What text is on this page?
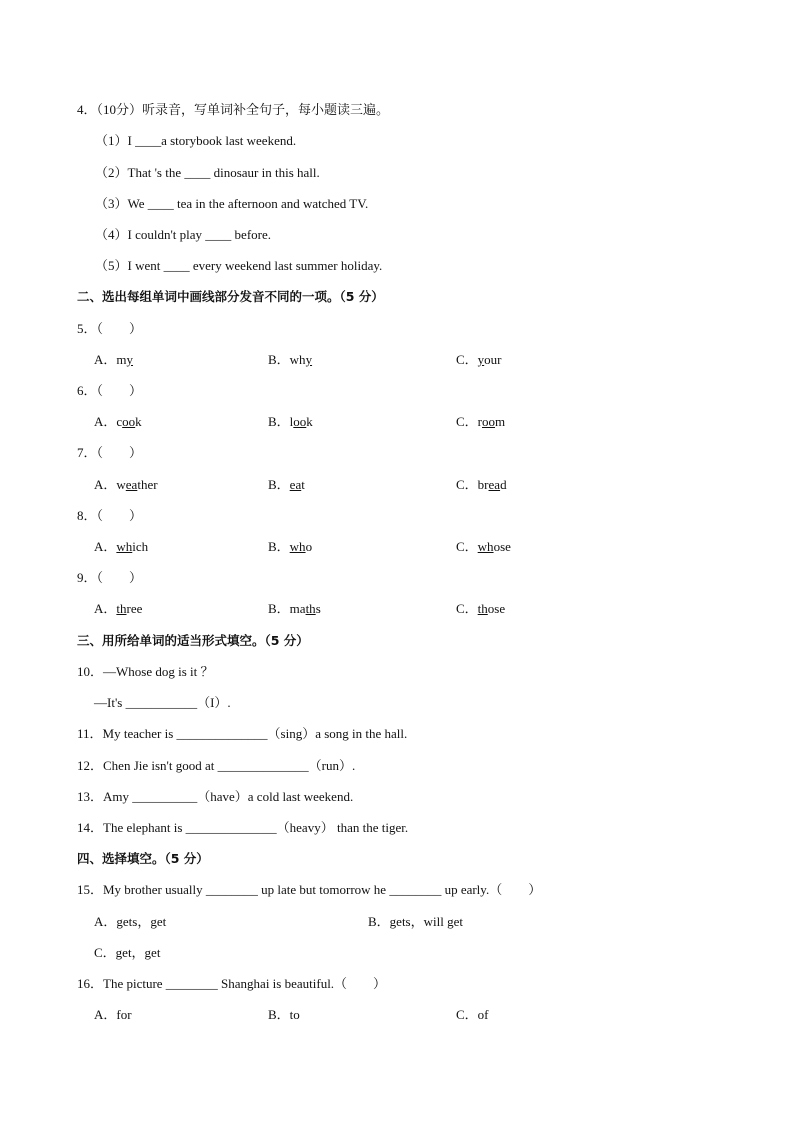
4．（10分）听录音，写单词补全句子，每小题读三遍。
（1）I ____a storybook last weekend.
（2）That 's the ____ dinosaur in this hall.
（3）We ____ tea in the afternoon and watched TV.
（4）I couldn't play ____ before.
（5）I went ____ every weekend last summer holiday.
二、选出每组单词中画线部分发音不同的一项。（5 分）
5．（　　）
A．my	B．why	C．your
6．（　　）
A．cook	B．look	C．room
7．（　　）
A．weather	B．eat	C．bread
8．（　　）
A．which	B．who	C．whose
9．（　　）
A．three	B．maths	C．those
三、用所给单词的适当形式填空。（5 分）
10．—Whose dog is it ？
—It's ___________（I）.
11．My teacher is ______________（sing）a song in the hall.
12．Chen Jie isn't good at ______________（run）.
13．Amy __________（have）a cold last weekend.
14．The elephant is ______________（heavy） than the tiger.
四、选择填空。（5 分）
15．My brother usually ________ up late but tomorrow he ________ up early.（　　）
A．gets，get	B．gets，will get
C．get，get
16．The picture ________ Shanghai is beautiful.（　　）
A．for	B．to	C．of
